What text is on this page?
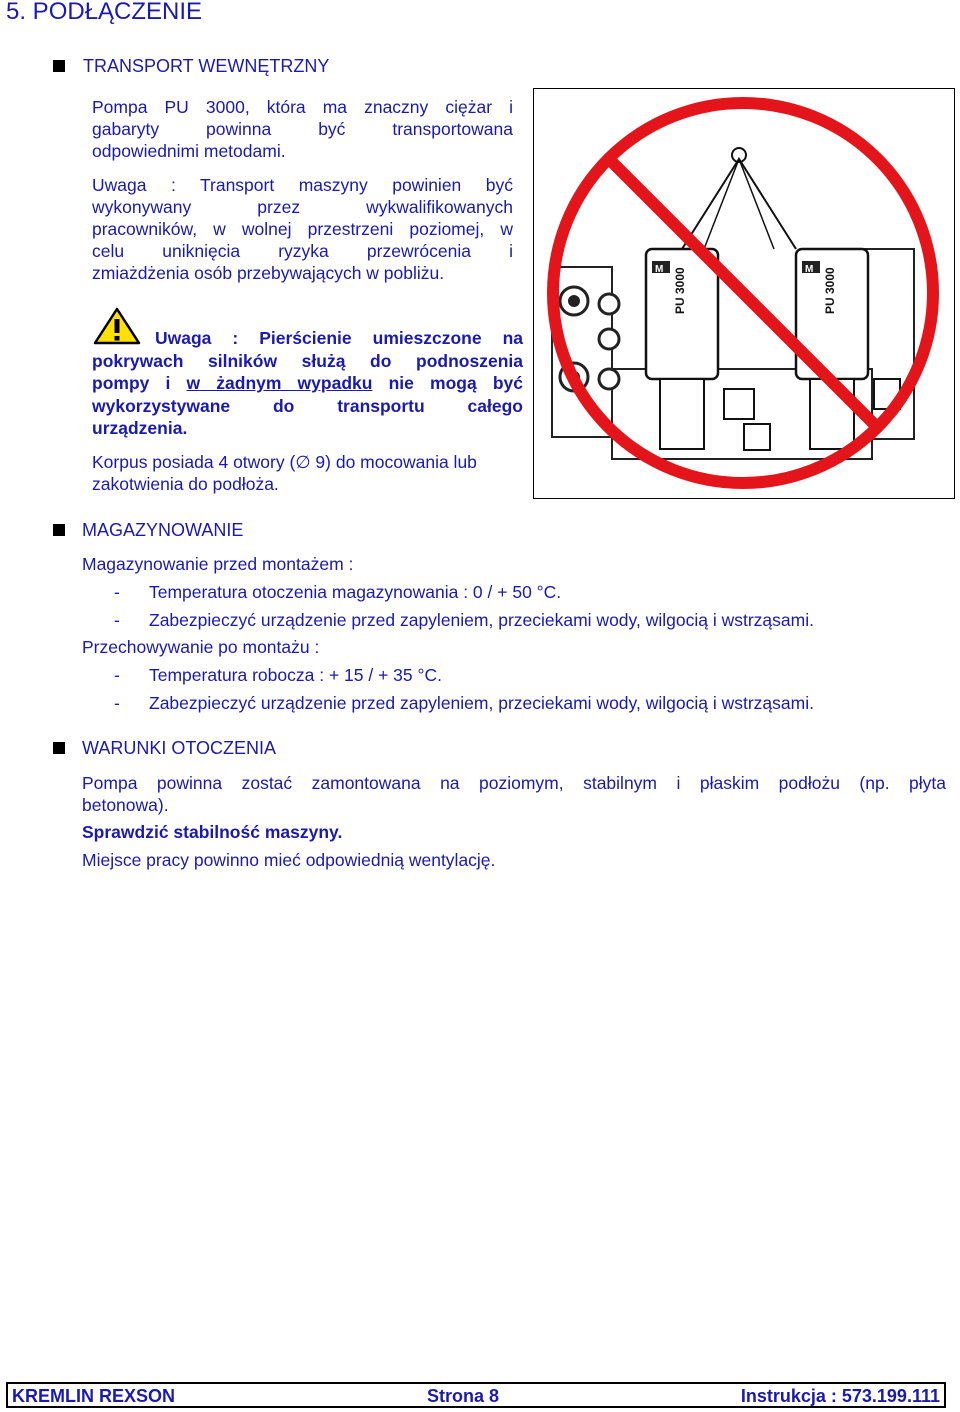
5. PODŁĄCZENIE
TRANSPORT WEWNĘTRZNY
Pompa PU 3000, która ma znaczny ciężar i
gabaryty powinna być transportowana
odpowiednimi metodami.
Uwaga : Transport maszyny powinien być
wykonywany przez wykwalifikowanych
pracowników, w wolnej przestrzeni poziomej, w
celu uniknięcia ryzyka przewrócenia i
zmiażdżenia osób przebywających w pobliżu.
Uwaga : Pierścienie umieszczone na
pokrywach silników służą do podnoszenia
pompy i w żadnym wypadku nie mogą być
wykorzystywane do transportu całego
urządzenia.
Korpus posiada 4 otwory (∅ 9) do mocowania lub
zakotwienia do podłoża.
PU 3000
M	PU 3000
M
MAGAZYNOWANIE
Magazynowanie przed montażem :
- Temperatura otoczenia magazynowania : 0 / + 50 °C.
- Zabezpieczyć urządzenie przed zapyleniem, przeciekami wody, wilgocią i wstrząsami.
Przechowywanie po montażu :
- Temperatura robocza : + 15 / + 35 °C.
- Zabezpieczyć urządzenie przed zapyleniem, przeciekami wody, wilgocią i wstrząsami.
WARUNKI OTOCZENIA
Pompa powinna zostać zamontowana na poziomym, stabilnym i płaskim podłożu (np. płyta
betonowa).
Sprawdzić stabilność maszyny.
Miejsce pracy powinno mieć odpowiednią wentylację.
KREMLIN REXSON	Strona 8	Instrukcja : 573.199.111
